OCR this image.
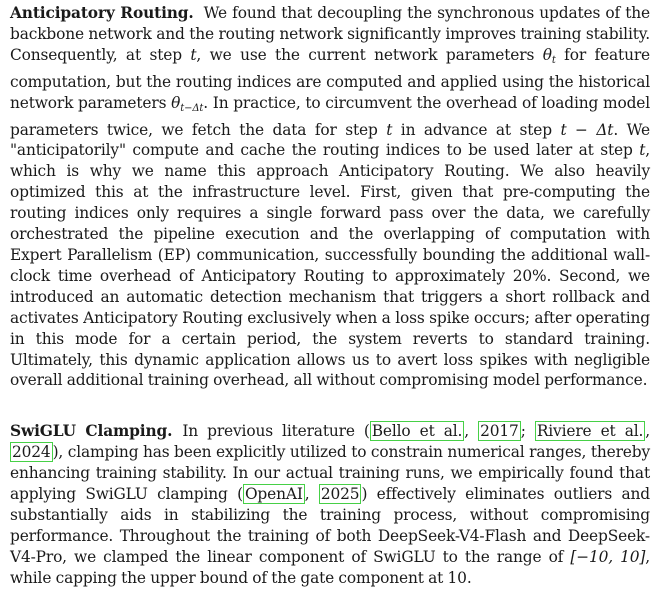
Anticipatory Routing. We found that decoupling the synchronous updates of the backbone network and the routing network significantly improves training stability. Consequently, at step t, we use the current network parameters $\theta_t$ for feature computation, but the routing indices are computed and applied using the historical network parameters $\theta_{t-\Delta t}$. In practice, to circumvent the overhead of loading model parameters twice, we fetch the data for step t in advance at step t − Δt. We "anticipatorily" compute and cache the routing indices to be used later at step t, which is why we name this approach Anticipatory Routing. We also heavily optimized this at the infrastructure level. First, given that pre-computing the routing indices only requires a single forward pass over the data, we carefully orchestrated the pipeline execution and the overlapping of computation with Expert Parallelism (EP) communication, successfully bounding the additional wall-clock time overhead of Anticipatory Routing to approximately 20%. Second, we introduced an automatic detection mechanism that triggers a short rollback and activates Anticipatory Routing exclusively when a loss spike occurs; after operating in this mode for a certain period, the system reverts to standard training. Ultimately, this dynamic application allows us to avert loss spikes with negligible overall additional training overhead, all without compromising model performance.

SwiGLU Clamping. In previous literature ( Bello et al. , 2017 ; Riviere et al. , 2024 ), clamping has been explicitly utilized to constrain numerical ranges, thereby enhancing training stability. In our actual training runs, we empirically found that applying SwiGLU clamping ( OpenAI , 2025 ) effectively eliminates outliers and substantially aids in stabilizing the training process, without compromising performance. Throughout the training of both DeepSeek-V4-Flash and DeepSeek-V4-Pro, we clamped the linear component of SwiGLU to the range of [−10, 10], while capping the upper bound of the gate component at 10.
